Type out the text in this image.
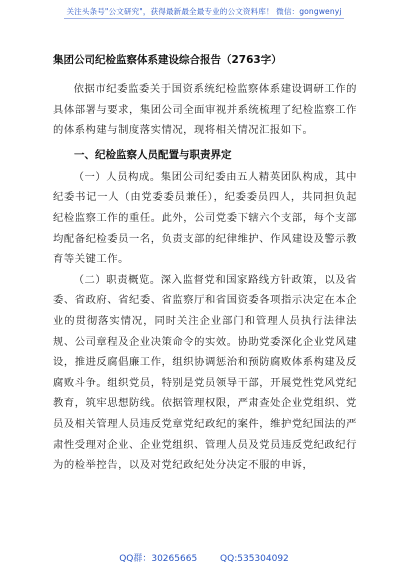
关注头条号"公文研究"，获得最新最全最专业的公文资料库！ 微信：gongwenyj
集团公司纪检监察体系建设综合报告（2763字）

依据市纪委监委关于国资系统纪检监察体系建设调研工作的具体部署与要求，集团公司全面审视并系统梳理了纪检监察工作的体系构建与制度落实情况，现将相关情况汇报如下。

一、纪检监察人员配置与职责界定

（一）人员构成。集团公司纪委由五人精英团队构成，其中纪委书记一人（由党委委员兼任），纪委委员四人，共同担负起纪检监察工作的重任。此外，公司党委下辖六个支部，每个支部均配备纪检委员一名，负责支部的纪律维护、作风建设及警示教育等关键工作。

（二）职责概览。深入监督党和国家路线方针政策，以及省委、省政府、省纪委、省监察厅和省国资委各项指示决定在本企业的贯彻落实情况，同时关注企业部门和管理人员执行法律法规、公司章程及企业决策命令的实效。协助党委深化企业党风建设，推进反腐倡廉工作，组织协调惩治和预防腐败体系构建及反腐败斗争。组织党员，特别是党员领导干部，开展党性党风党纪教育，筑牢思想防线。依据管理权限，严肃查处企业党组织、党员及相关管理人员违反党章党纪政纪的案件，维护党纪国法的严肃性受理对企业、企业党组织、管理人员及党员违反党纪政纪行为的检举控告，以及对党纪政纪处分决定不服的申诉，

QQ群：30265665	QQ:535304092
